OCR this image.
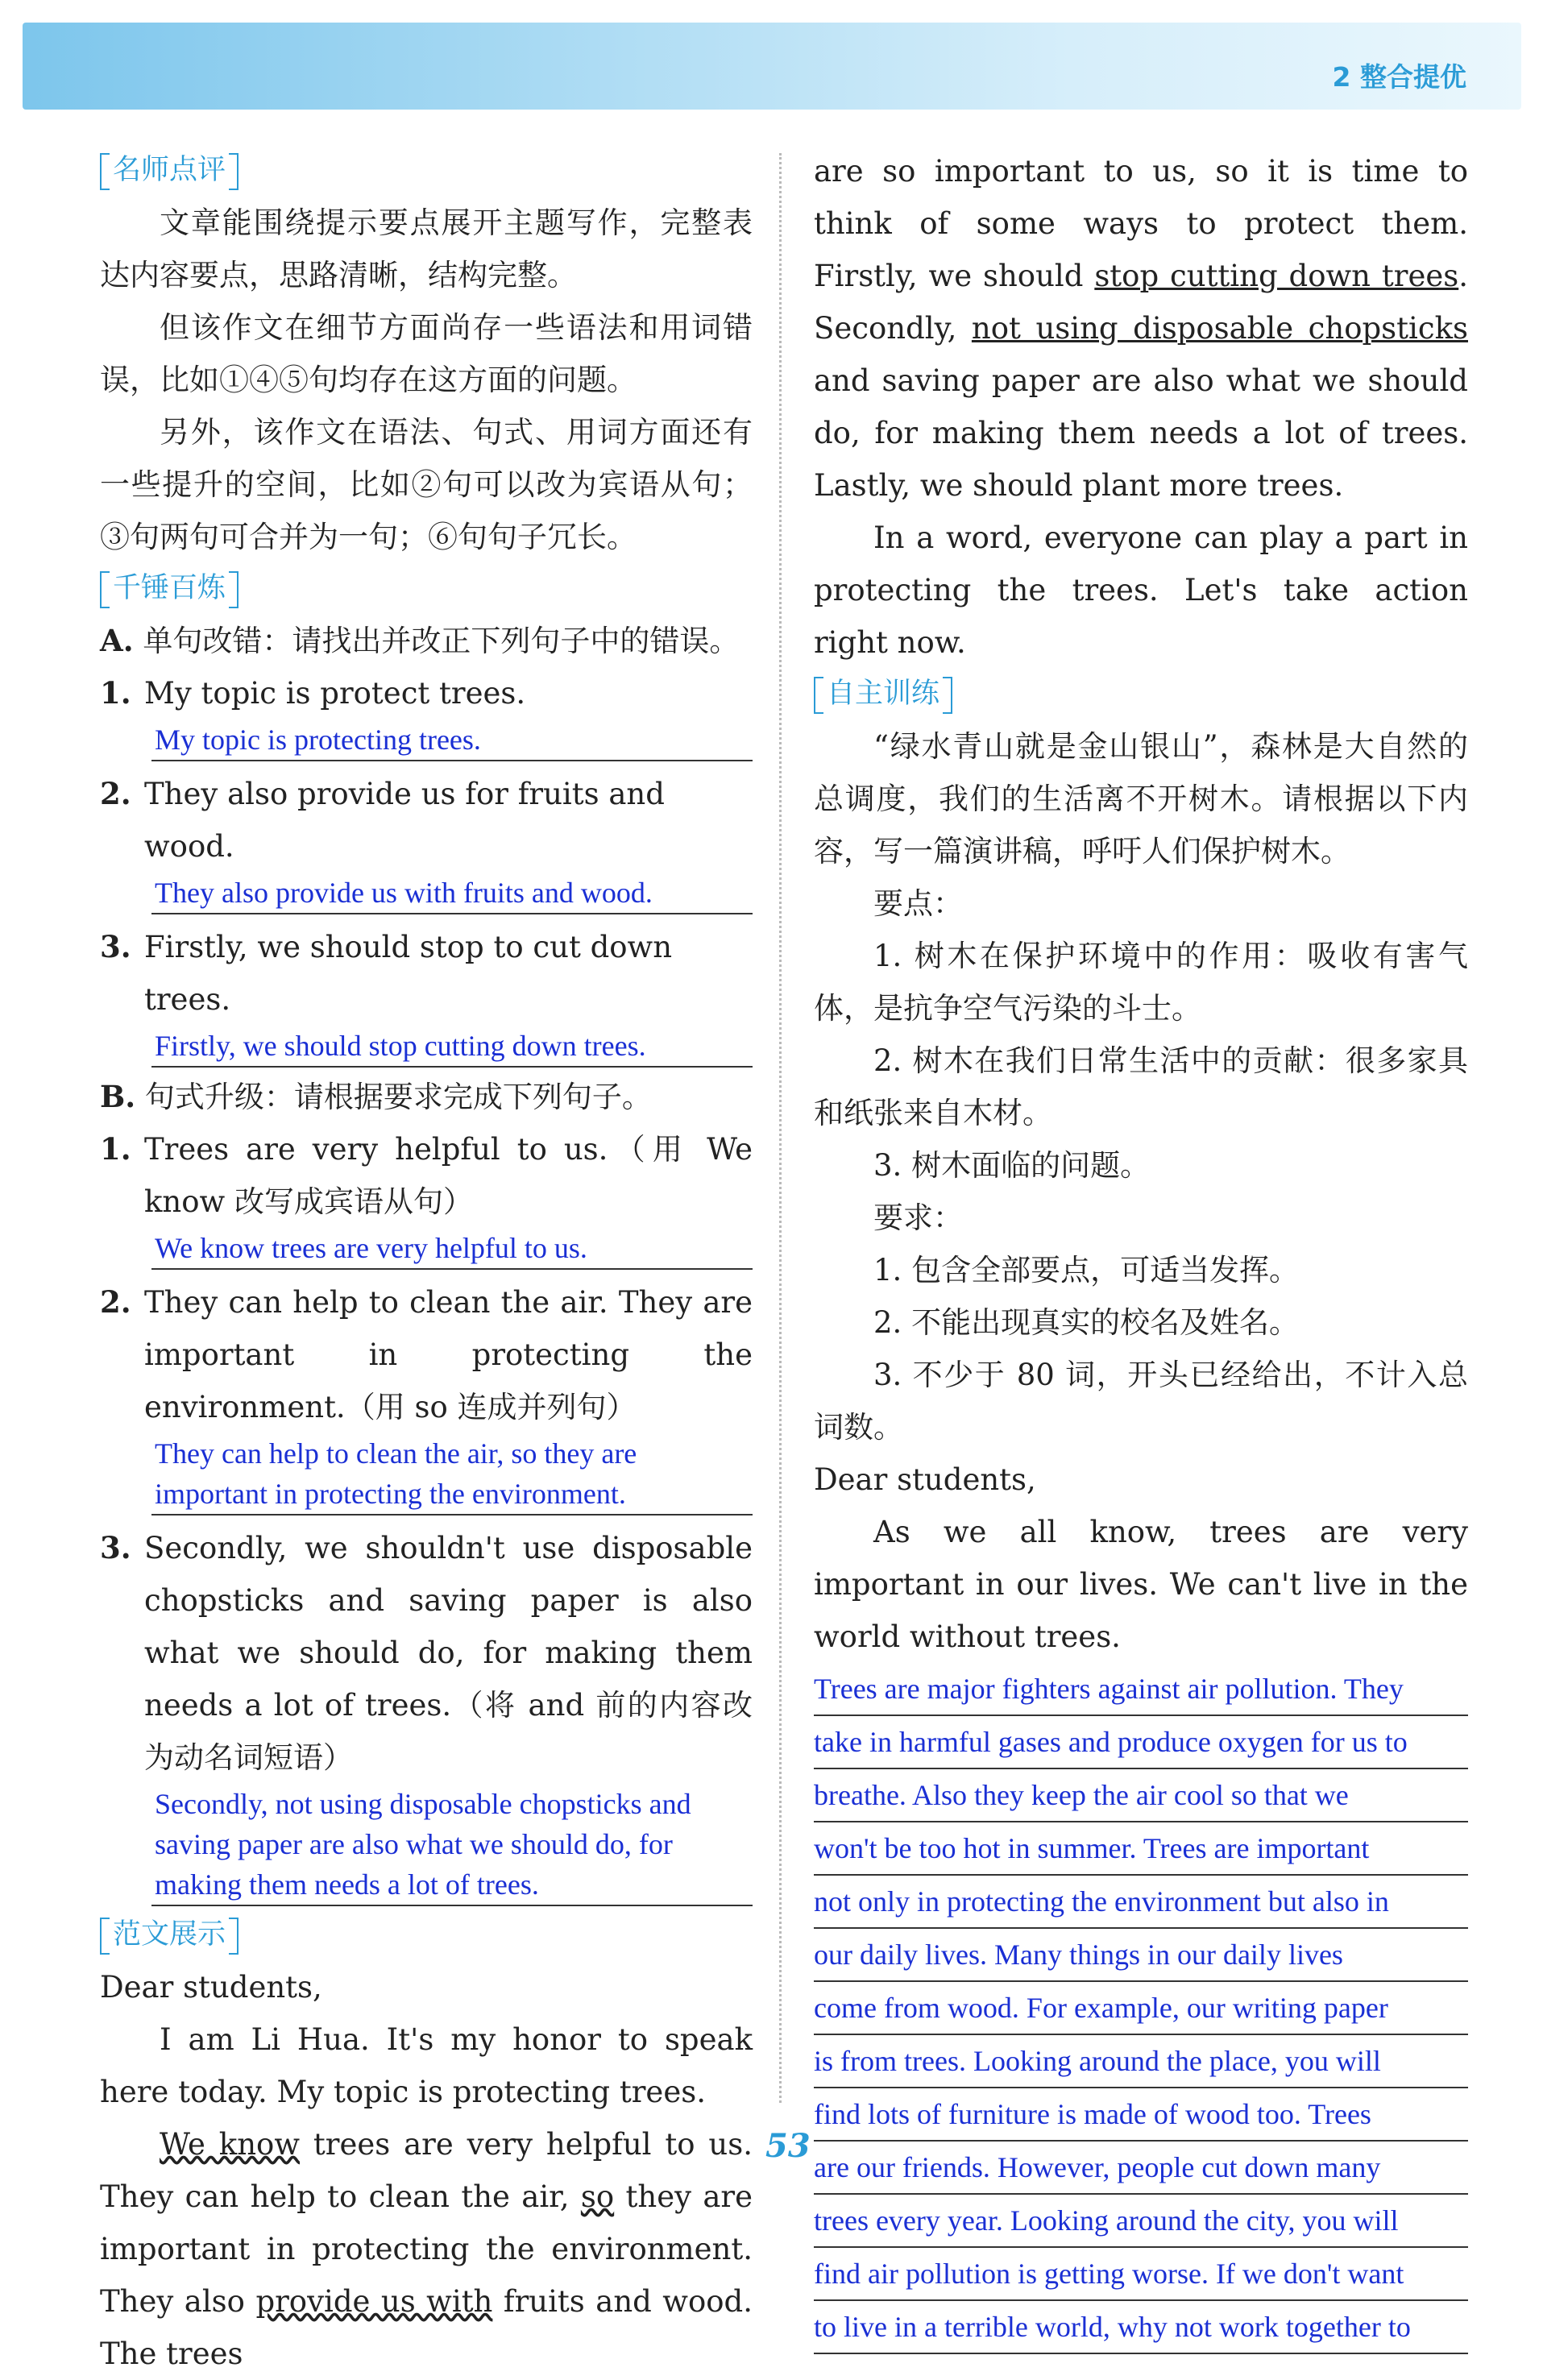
2 整合提优
名师点评

文章能围绕提示要点展开主题写作，完整表达内容要点，思路清晰，结构完整。

但该作文在细节方面尚存一些语法和用词错误，比如①④⑤句均存在这方面的问题。

另外，该作文在语法、句式、用词方面还有一些提升的空间，比如②句可以改为宾语从句；③句两句可合并为一句；⑥句句子冗长。

千锤百炼

A. 单句改错：请找出并改正下列句子中的错误。

1. My topic is protect trees.
My topic is protecting trees.
2. They also provide us for fruits and wood.
They also provide us with fruits and wood.
3. Firstly, we should stop to cut down trees.
Firstly, we should stop cutting down trees.

B. 句式升级：请根据要求完成下列句子。

1. Trees are very helpful to us.（用 We know 改写成宾语从句）
We know trees are very helpful to us.
2. They can help to clean the air. They are important in protecting the environment.（用 so 连成并列句）
They can help to clean the air, so they are important in protecting the environment.
3. Secondly, we shouldn't use disposable chopsticks and saving paper is also what we should do, for making them needs a lot of trees.（将 and 前的内容改为动名词短语）
Secondly, not using disposable chopsticks and saving paper are also what we should do, for making them needs a lot of trees.
范文展示

Dear students,

I am Li Hua. It's my honor to speak here today. My topic is protecting trees.

We know trees are very helpful to us. They can help to clean the air, so they are important in protecting the environment. They also provide us with fruits and wood. The trees

are so important to us, so it is time to think of some ways to protect them. Firstly, we should stop cutting down trees. Secondly, not using disposable chopsticks and saving paper are also what we should do, for making them needs a lot of trees. Lastly, we should plant more trees.

In a word, everyone can play a part in protecting the trees. Let's take action right now.

自主训练

“绿水青山就是金山银山”，森林是大自然的总调度，我们的生活离不开树木。请根据以下内容，写一篇演讲稿，呼吁人们保护树木。

要点：

1. 树木在保护环境中的作用：吸收有害气体，是抗争空气污染的斗士。

2. 树木在我们日常生活中的贡献：很多家具和纸张来自木材。

3. 树木面临的问题。

要求：

1. 包含全部要点，可适当发挥。

2. 不能出现真实的校名及姓名。

3. 不少于 80 词，开头已经给出，不计入总词数。

Dear students,

As we all know, trees are very important in our lives. We can't live in the world without trees.

Trees are major fighters against air pollution. They
take in harmful gases and produce oxygen for us to
breathe. Also they keep the air cool so that we
won't be too hot in summer. Trees are important
not only in protecting the environment but also in
our daily lives. Many things in our daily lives
come from wood. For example, our writing paper
is from trees. Looking around the place, you will
find lots of furniture is made of wood too. Trees
are our friends. However, people cut down many
trees every year. Looking around the city, you will
find air pollution is getting worse. If we don't want
to live in a terrible world, why not work together to
53
